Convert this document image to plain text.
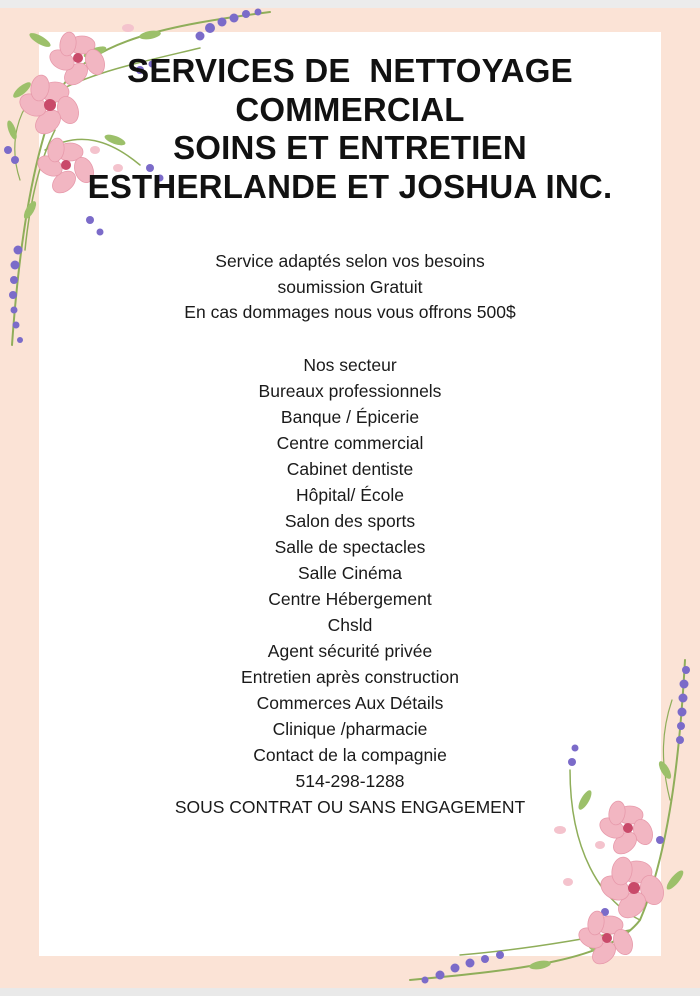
SERVICES DE  NETTOYAGE
COMMERCIAL
SOINS ET ENTRETIEN
ESTHERLANDE ET JOSHUA INC.
Service adaptés selon vos besoins
soumission Gratuit
En cas dommages nous vous offrons 500$
Nos secteur
Bureaux professionnels
Banque / Épicerie
Centre commercial
Cabinet dentiste
Hôpital/ École
Salon des sports
Salle de spectacles
Salle Cinéma
Centre Hébergement
Chsld
Agent sécurité privée
Entretien après construction
Commerces Aux Détails
Clinique /pharmacie
Contact de la compagnie
514-298-1288
SOUS CONTRAT OU SANS ENGAGEMENT
